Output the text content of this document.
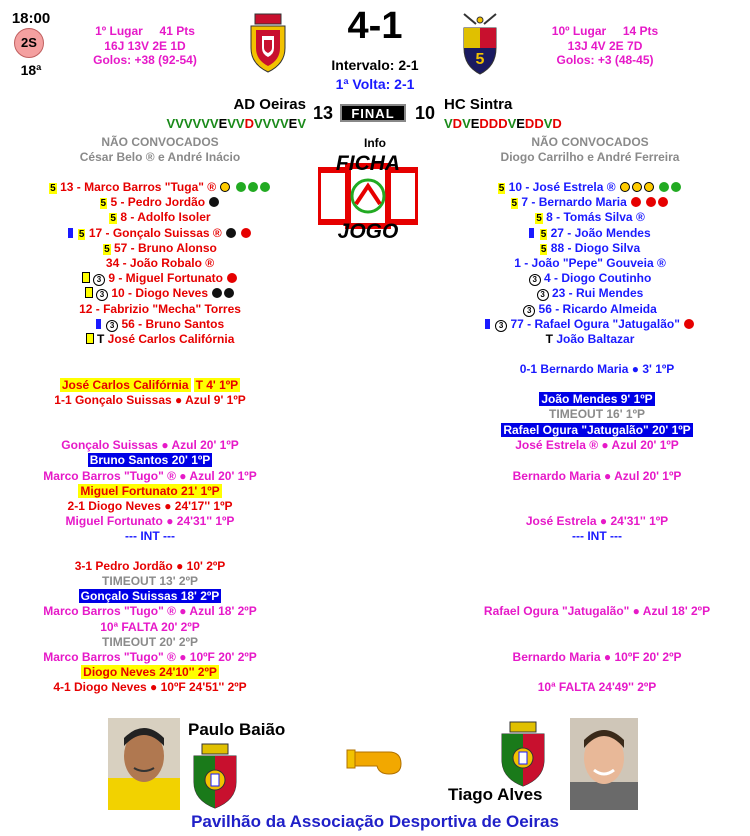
18:00
2S
18ª
1º Lugar 41 Pts
16J 13V 2E 1D
Golos: +38 (92-54)
4-1
Intervalo: 2-1
1ª Volta: 2-1
5
10º Lugar 14 Pts
13J 4V 2E 7D
Golos: +3 (48-45)
AD Oeiras
VVVVVVEVVDVVVVEV
13	FINAL	10 HC Sintra
VDVEDDDVEDDVD
NÃO CONVOCADOS
César Belo ® e André Inácio
NÃO CONVOCADOS
Diogo Carrilho e André Ferreira
Info
FICHA
JOGO
5 13 - Marco Barros "Tuga" ®
5 5 - Pedro Jordão
5 8 - Adolfo Isoler
5 17 - Gonçalo Suissas ®
5 57 - Bruno Alonso
34 - João Robalo ®
3 9 - Miguel Fortunato
3 10 - Diogo Neves
12 - Fabrizio "Mecha" Torres
3 56 - Bruno Santos
T José Carlos Califórnia
5 10 - José Estrela ®
5 7 - Bernardo Maria
5 8 - Tomás Silva ®
5 27 - João Mendes
5 88 - Diogo Silva
1 - João "Pepe" Gouveia ®
3 4 - Diogo Coutinho
3 23 - Rui Mendes
3 56 - Ricardo Almeida
3 77 - Rafael Ogura "Jatugalão"
T João Baltazar
José Carlos Califórnia T 4' 1ºP
1-1 Gonçalo Suissas ● Azul 9' 1ºP
Gonçalo Suissas ● Azul 20' 1ºP
Bruno Santos 20' 1ºP
Marco Barros "Tugo" ® ● Azul 20' 1ºP
Miguel Fortunato 21' 1ºP
2-1 Diogo Neves ● 24'17'' 1ºP
Miguel Fortunato ● 24'31'' 1ºP
--- INT ---
3-1 Pedro Jordão ● 10' 2ºP
TIMEOUT 13' 2ºP
Gonçalo Suissas 18' 2ºP
Marco Barros "Tugo" ® ● Azul 18' 2ºP
10ª FALTA 20' 2ºP
TIMEOUT 20' 2ºP
Marco Barros "Tugo" ® ● 10ºF 20' 2ºP
Diogo Neves 24'10'' 2ºP
4-1 Diogo Neves ● 10ºF 24'51'' 2ºP
0-1 Bernardo Maria ● 3' 1ºP
João Mendes 9' 1ºP
TIMEOUT 16' 1ºP
Rafael Ogura "Jatugalão" 20' 1ºP
José Estrela ® ● Azul 20' 1ºP
Bernardo Maria ● Azul 20' 1ºP
José Estrela ● 24'31'' 1ºP
--- INT ---
Rafael Ogura "Jatugalão" ● Azul 18' 2ºP
Bernardo Maria ● 10ºF 20' 2ºP
10ª FALTA 24'49'' 2ºP
Paulo Baião
Tiago Alves
Pavilhão da Associação Desportiva de Oeiras
